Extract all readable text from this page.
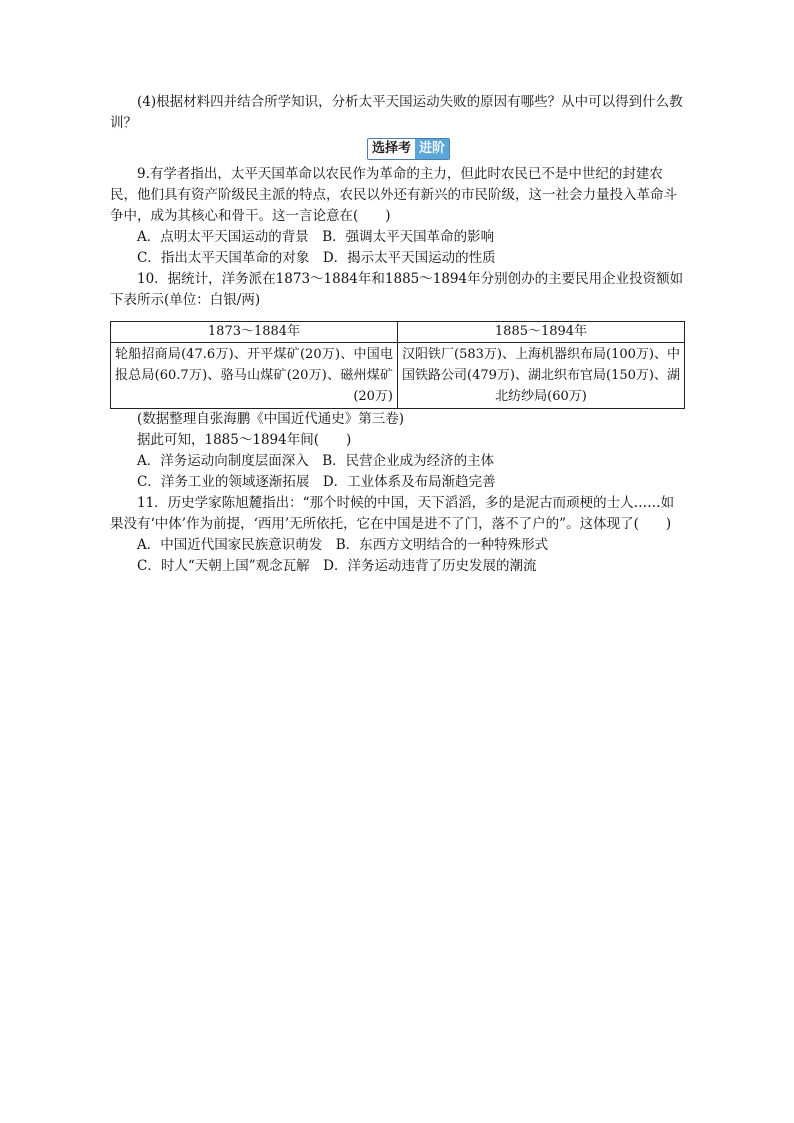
(4)根据材料四并结合所学知识，分析太平天国运动失败的原因有哪些？从中可以得到什么教训？

选择考 进阶

9.有学者指出，太平天国革命以农民作为革命的主力，但此时农民已不是中世纪的封建农民，他们具有资产阶级民主派的特点，农民以外还有新兴的市民阶级，这一社会力量投入革命斗争中，成为其核心和骨干。这一言论意在(　　)

A．点明太平天国运动的背景　B．强调太平天国革命的影响

C．指出太平天国革命的对象　D．揭示太平天国运动的性质

10．据统计，洋务派在1873～1884年和1885～1894年分别创办的主要民用企业投资额如下表所示(单位：白银/两)

1873～1884年	1885～1894年
轮船招商局(47.6万)、开平煤矿(20万)、中国电报总局(60.7万)、骆马山煤矿(20万)、磁州煤矿(20万)	汉阳铁厂(583万)、上海机器织布局(100万)、中国铁路公司(479万)、湖北织布官局(150万)、湖北纺纱局(60万)

(数据整理自张海鹏《中国近代通史》第三卷)

据此可知，1885～1894年间(　　)

A．洋务运动向制度层面深入　B．民营企业成为经济的主体

C．洋务工业的领域逐渐拓展　D．工业体系及布局渐趋完善

11．历史学家陈旭麓指出：“那个时候的中国，天下滔滔，多的是泥古而顽梗的士人……如果没有‘中体’作为前提，‘西用’无所依托，它在中国是进不了门，落不了户的”。这体现了(　　)

A．中国近代国家民族意识萌发　B．东西方文明结合的一种特殊形式

C．时人“天朝上国”观念瓦解　D．洋务运动违背了历史发展的潮流
